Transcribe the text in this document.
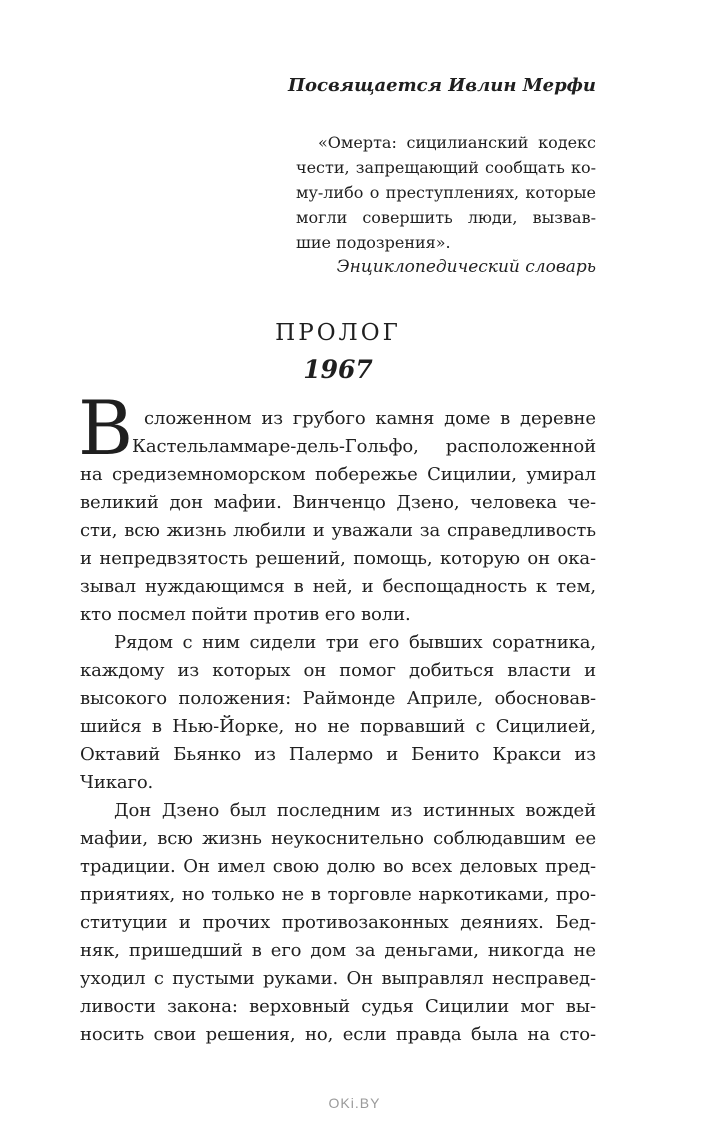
Посвящается Ивлин Мерфи
«Омерта: сицилианский кодекс
чести, запрещающий сообщать ко-
му-либо о преступлениях, которые
могли совершить люди, вызвав-
шие подозрения».
Энциклопедический словарь
ПРОЛОГ
1967
В сложенном из грубого камня доме в деревне
Кастельламмаре-дель-Гольфо, расположенной
на средиземноморском побережье Сицилии, умирал
великий дон мафии. Винченцо Дзено, человека че-
сти, всю жизнь любили и уважали за справедливость
и непредвзятость решений, помощь, которую он ока-
зывал нуждающимся в ней, и беспощадность к тем,
кто посмел пойти против его воли.
Рядом с ним сидели три его бывших соратника,
каждому из которых он помог добиться власти и
высокого положения: Раймонде Априле, обосновав-
шийся в Нью-Йорке, но не порвавший с Сицилией,
Октавий Бьянко из Палермо и Бенито Кракси из
Чикаго.
Дон Дзено был последним из истинных вождей
мафии, всю жизнь неукоснительно соблюдавшим ее
традиции. Он имел свою долю во всех деловых пред-
приятиях, но только не в торговле наркотиками, про-
ституции и прочих противозаконных деяниях. Бед-
няк, пришедший в его дом за деньгами, никогда не
уходил с пустыми руками. Он выправлял несправед-
ливости закона: верховный судья Сицилии мог вы-
носить свои решения, но, если правда была на сто-
OKi.BY
